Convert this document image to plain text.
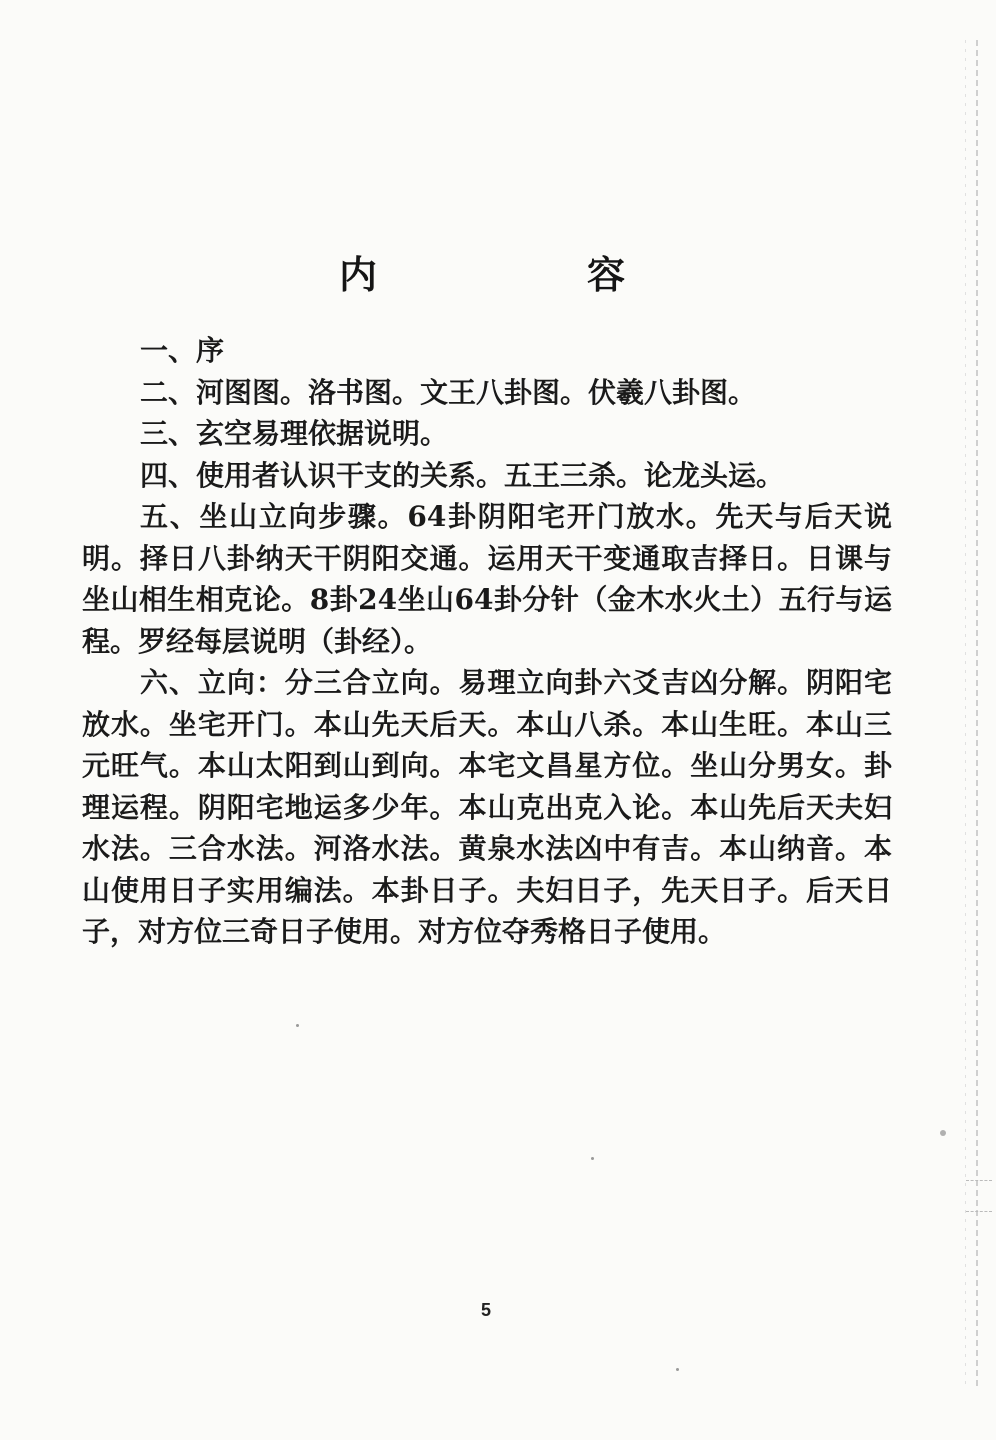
内　容

一、序

二、河图图。洛书图。文王八卦图。伏羲八卦图。

三、玄空易理依据说明。

四、使用者认识干支的关系。五王三杀。论龙头运。

五、坐山立向步骤。64卦阴阳宅开门放水。先天与后天说明。择日八卦纳天干阴阳交通。运用天干变通取吉择日。日课与坐山相生相克论。8卦24坐山64卦分针（金木水火土）五行与运程。罗经每层说明（卦经）。

六、立向：分三合立向。易理立向卦六爻吉凶分解。阴阳宅放水。坐宅开门。本山先天后天。本山八杀。本山生旺。本山三元旺气。本山太阳到山到向。本宅文昌星方位。坐山分男女。卦理运程。阴阳宅地运多少年。本山克出克入论。本山先后天夫妇水法。三合水法。河洛水法。黄泉水法凶中有吉。本山纳音。本山使用日子实用编法。本卦日子。夫妇日子，先天日子。后天日子，对方位三奇日子使用。对方位夺秀格日子使用。

5
